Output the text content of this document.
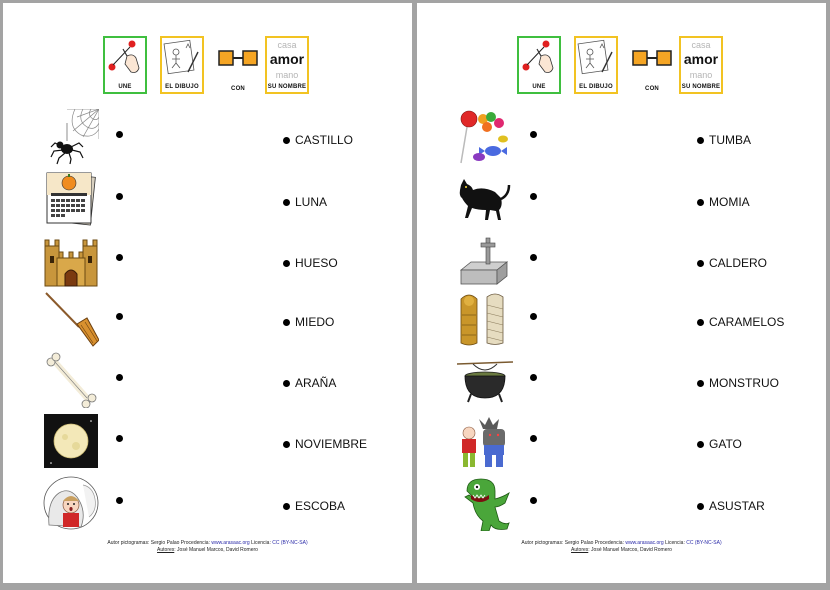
UNE	EL DIBUJO	CON
casa
amor
mano
SU NOMBRE
CASTILLO
LUNA
HUESO
MIEDO
ARAÑA
NOVIEMBRE
ESCOBA
Autor pictogramas: Sergio Palao Procedencia: www.arasaac.org Licencia: CC (BY-NC-SA)
Autores: José Manuel Marcos, David Romero
UNE	EL DIBUJO	CON
casa
amor
mano
SU NOMBRE
TUMBA
MOMIA
CALDERO
CARAMELOS
MONSTRUO
GATO
ASUSTAR
Autor pictogramas: Sergio Palao Procedencia: www.arasaac.org Licencia: CC (BY-NC-SA)
Autores: José Manuel Marcos, David Romero
